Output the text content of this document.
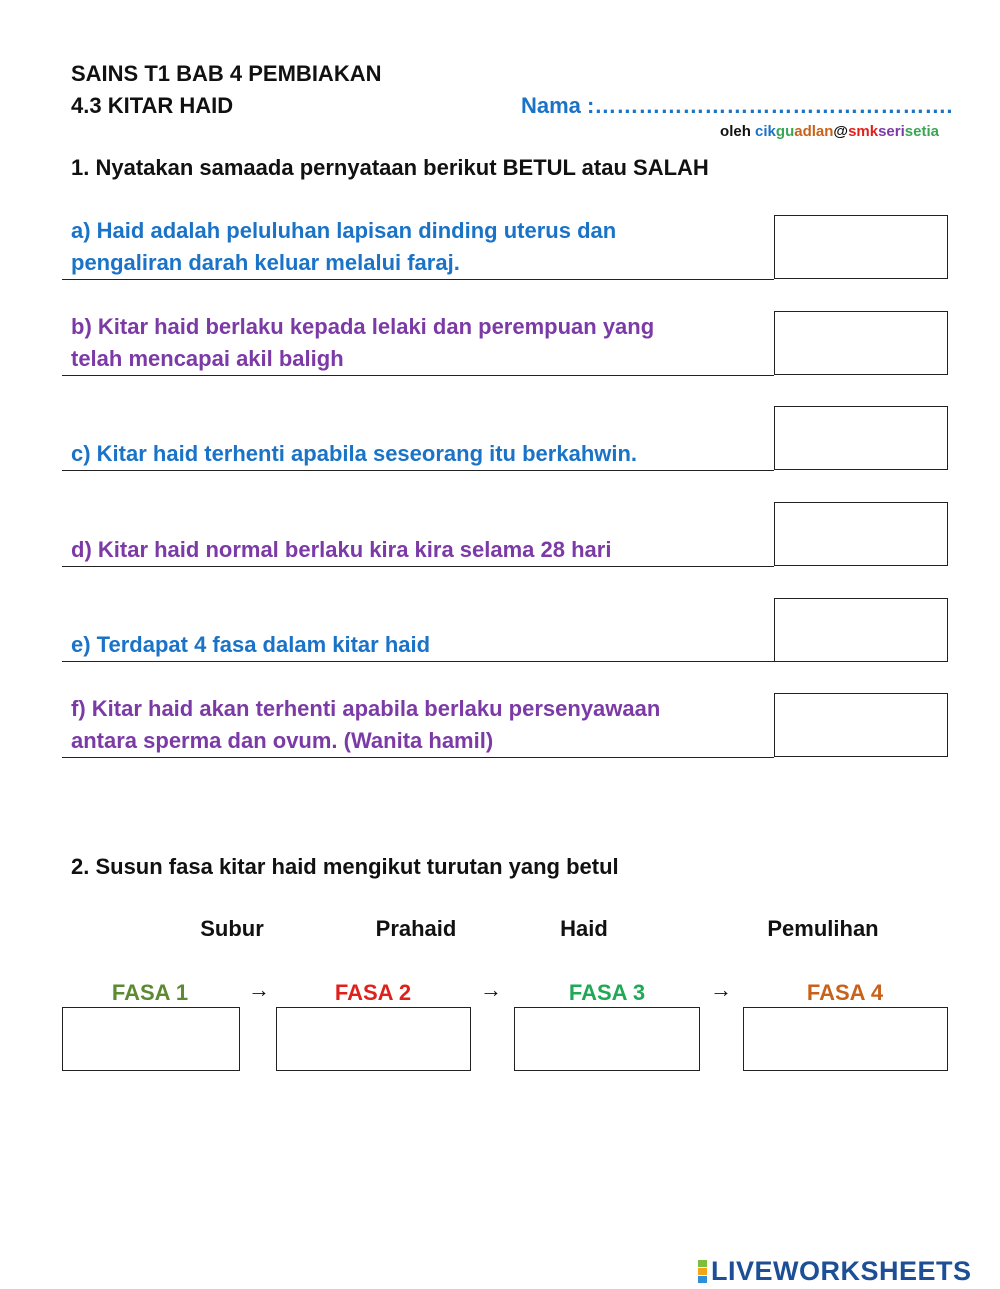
SAINS T1 BAB 4 PEMBIAKAN
4.3 KITAR HAID	Nama :………………………………………….
oleh cikguadlan@smkserisetia
1. Nyatakan samaada pernyataan berikut BETUL atau SALAH
a) Haid adalah peluluhan lapisan dinding uterus dan
pengaliran darah keluar melalui faraj.
b) Kitar haid berlaku kepada lelaki dan perempuan yang
telah mencapai akil baligh
c) Kitar haid terhenti apabila seseorang itu berkahwin.
d) Kitar haid normal berlaku kira kira selama 28 hari
e) Terdapat 4 fasa dalam kitar haid
f) Kitar haid akan terhenti apabila berlaku persenyawaan
antara sperma dan ovum. (Wanita hamil)
2. Susun fasa kitar haid mengikut turutan yang betul
Subur	Prahaid	Haid	Pemulihan
FASA 1	→	FASA 2	→	FASA 3	→	FASA 4
LIVEWORKSHEETS
